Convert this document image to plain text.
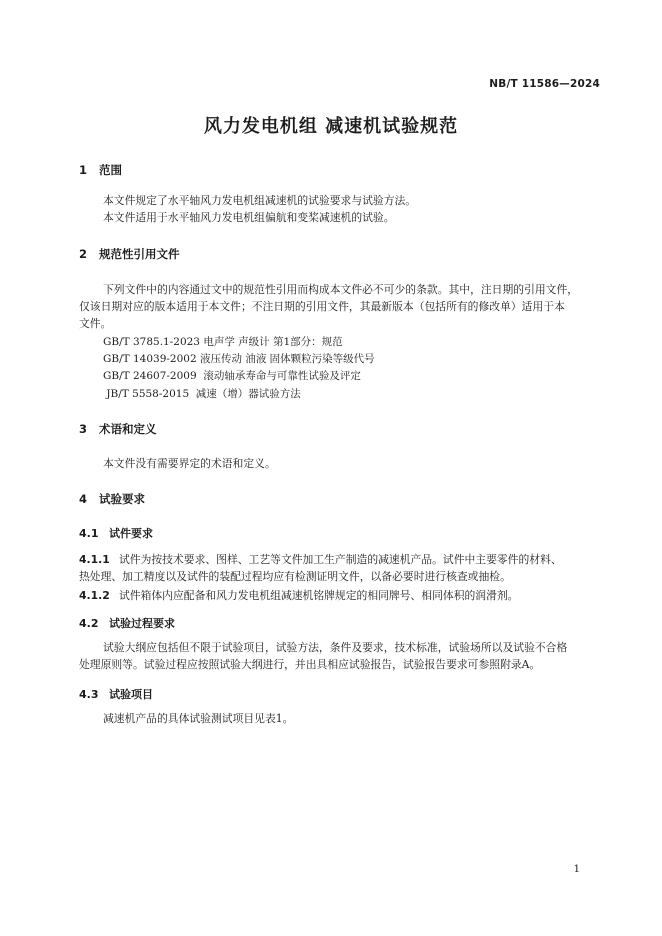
NB/T 11586—2024
风力发电机组 减速机试验规范
1 范围
本文件规定了水平轴风力发电机组减速机的试验要求与试验方法。
本文件适用于水平轴风力发电机组偏航和变桨减速机的试验。
2 规范性引用文件
下列文件中的内容通过文中的规范性引用而构成本文件必不可少的条款。其中，注日期的引用文件，
仅该日期对应的版本适用于本文件；不注日期的引用文件，其最新版本（包括所有的修改单）适用于本
文件。
GB/T 3785.1-2023 电声学 声级计 第1部分：规范
GB/T 14039-2002 液压传动 油液 固体颗粒污染等级代号
GB/T 24607-2009  滚动轴承寿命与可靠性试验及评定
JB/T 5558-2015  减速（增）器试验方法
3 术语和定义
本文件没有需要界定的术语和定义。
4 试验要求
4.1 试件要求
4.1.1 试件为按技术要求、图样、工艺等文件加工生产制造的减速机产品。试件中主要零件的材料、
热处理、加工精度以及试件的装配过程均应有检测证明文件，以备必要时进行核查或抽检。
4.1.2 试件箱体内应配备和风力发电机组减速机铭牌规定的相同牌号、相同体积的润滑剂。
4.2 试验过程要求
试验大纲应包括但不限于试验项目，试验方法，条件及要求，技术标准，试验场所以及试验不合格
处理原则等。试验过程应按照试验大纲进行，并出具相应试验报告，试验报告要求可参照附录A。
4.3 试验项目
减速机产品的具体试验测试项目见表1。
1
